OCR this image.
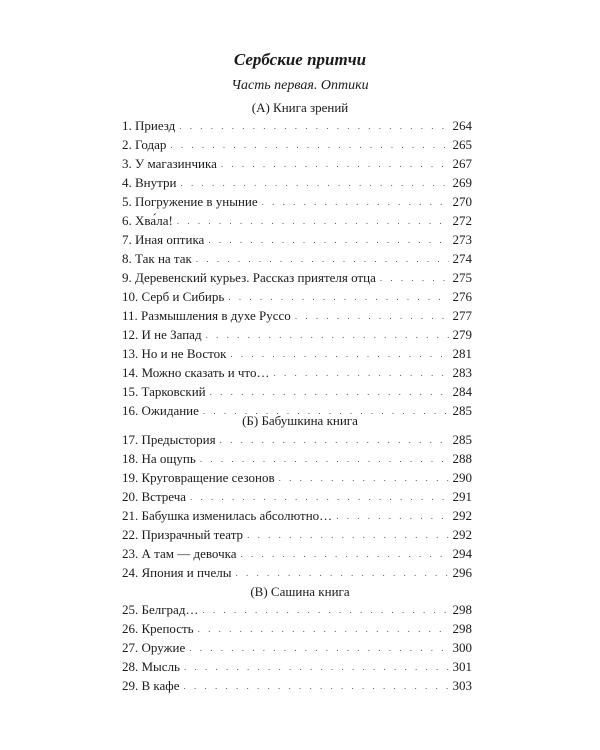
Сербские притчи
Часть первая. Оптики
(А) Книга зрений
1. Приезд . . .	264
2. Годар . . .	265
3. У магазинчика . . .	267
4. Внутри . . .	269
5. Погружение в уныние . . .	270
6. Хва́ла! . . .	272
7. Иная оптика . . .	273
8. Так на так . . .	274
9. Деревенский курьез. Рассказ приятеля отца . . .	275
10. Серб и Сибирь . . .	276
11. Размышления в духе Руссо . . .	277
12. И не Запад . . .	279
13. Но и не Восток . . .	281
14. Можно сказать и что… . . .	283
15. Тарковский . . .	284
16. Ожидание . . .	285
(Б) Бабушкина книга
17. Предыстория . . .	285
18. На ощупь . . .	288
19. Круговращение сезонов . . .	290
20. Встреча . . .	291
21. Бабушка изменилась абсолютно… . . .	292
22. Призрачный театр . . .	292
23. А там — девочка . . .	294
24. Япония и пчелы . . .	296
(В) Сашина книга
25. Белград… . . .	298
26. Крепость . . .	298
27. Оружие . . .	300
28. Мысль . . .	301
29. В кафе . . .	303
